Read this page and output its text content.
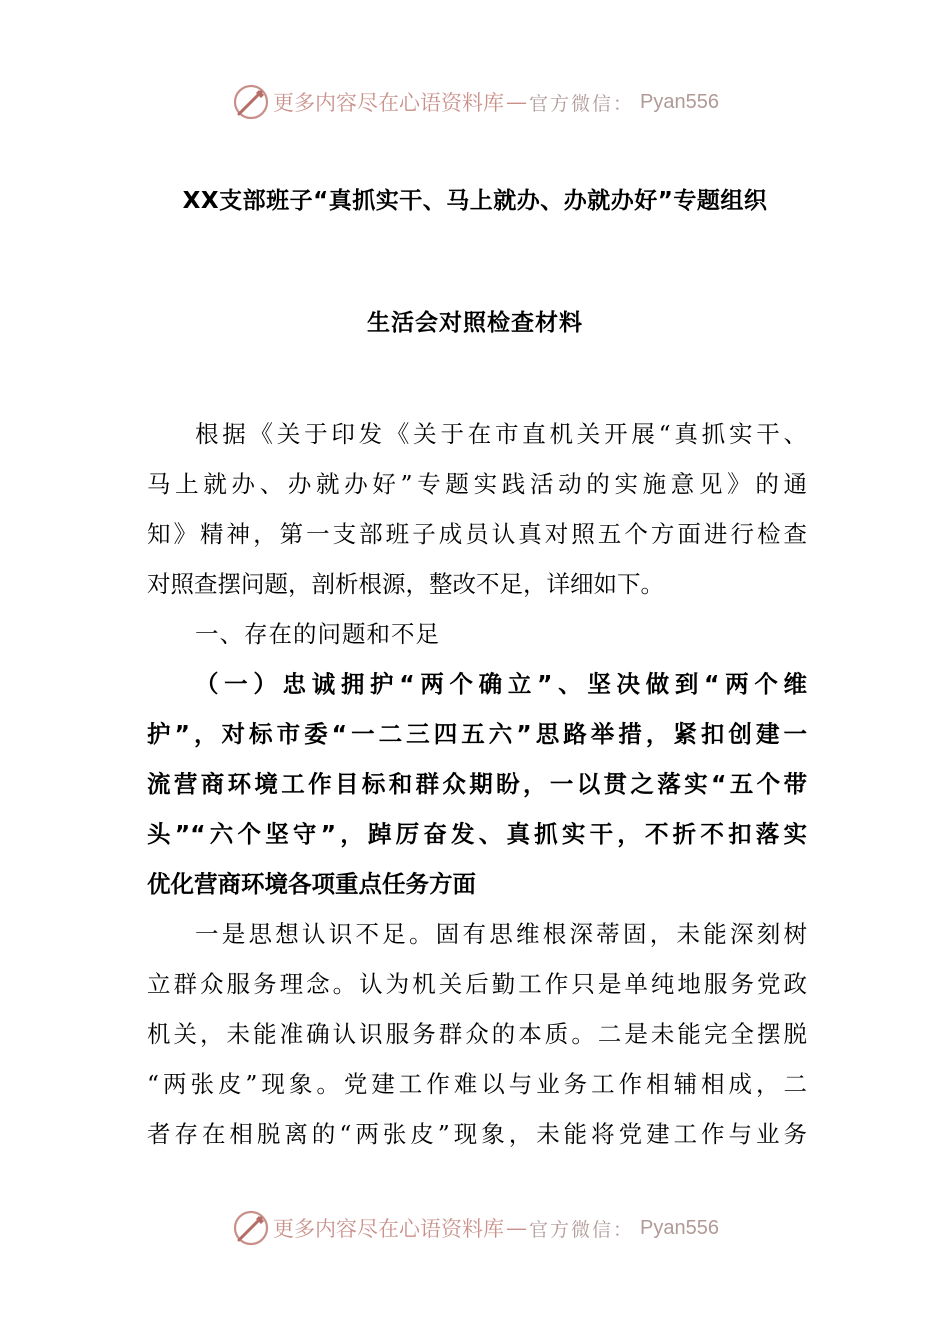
更多内容尽在心语资料库 — 官方微信： Pyan556
XX支部班子“真抓实干、马上就办、办就办好”专题组织
生活会对照检查材料
根据《关于印发《关于在市直机关开展“真抓实干、
马上就办、办就办好”专题实践活动的实施意见》的通
知》精神，第一支部班子成员认真对照五个方面进行检查
对照查摆问题，剖析根源，整改不足，详细如下。
一、存在的问题和不足
（一）忠诚拥护“两个确立”、坚决做到“两个维
护”，对标市委“一二三四五六”思路举措，紧扣创建一
流营商环境工作目标和群众期盼，一以贯之落实“五个带
头”“六个坚守”，踔厉奋发、真抓实干，不折不扣落实
优化营商环境各项重点任务方面
一是思想认识不足。固有思维根深蒂固，未能深刻树
立群众服务理念。认为机关后勤工作只是单纯地服务党政
机关，未能准确认识服务群众的本质。二是未能完全摆脱
“两张皮”现象。党建工作难以与业务工作相辅相成，二
者存在相脱离的“两张皮”现象，未能将党建工作与业务
更多内容尽在心语资料库 — 官方微信： Pyan556
